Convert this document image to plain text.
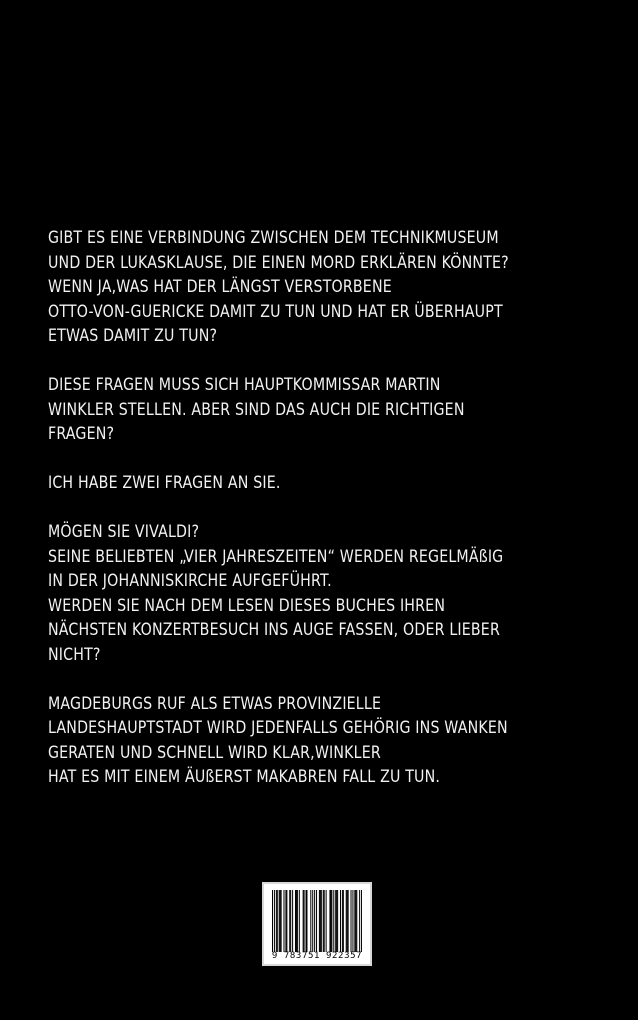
GIBT ES EINE VERBINDUNG ZWISCHEN DEM TECHNIKMUSEUM
UND DER LUKASKLAUSE, DIE EINEN MORD ERKLÄREN KÖNNTE?
WENN JA,WAS HAT DER LÄNGST VERSTORBENE
OTTO-VON-GUERICKE DAMIT ZU TUN UND HAT ER ÜBERHAUPT
ETWAS DAMIT ZU TUN?
DIESE FRAGEN MUSS SICH HAUPTKOMMISSAR MARTIN
WINKLER STELLEN. ABER SIND DAS AUCH DIE RICHTIGEN
FRAGEN?
ICH HABE ZWEI FRAGEN AN SIE.
MÖGEN SIE VIVALDI?
SEINE BELIEBTEN „VIER JAHRESZEITEN“ WERDEN REGELMÄßIG
IN DER JOHANNISKIRCHE AUFGEFÜHRT.
WERDEN SIE NACH DEM LESEN DIESES BUCHES IHREN
NÄCHSTEN KONZERTBESUCH INS AUGE FASSEN, ODER LIEBER
NICHT?
MAGDEBURGS RUF ALS ETWAS PROVINZIELLE
LANDESHAUPTSTADT WIRD JEDENFALLS GEHÖRIG INS WANKEN
GERATEN UND SCHNELL WIRD KLAR,WINKLER
HAT ES MIT EINEM ÄUßERST MAKABREN FALL ZU TUN.
9 783751 922357
